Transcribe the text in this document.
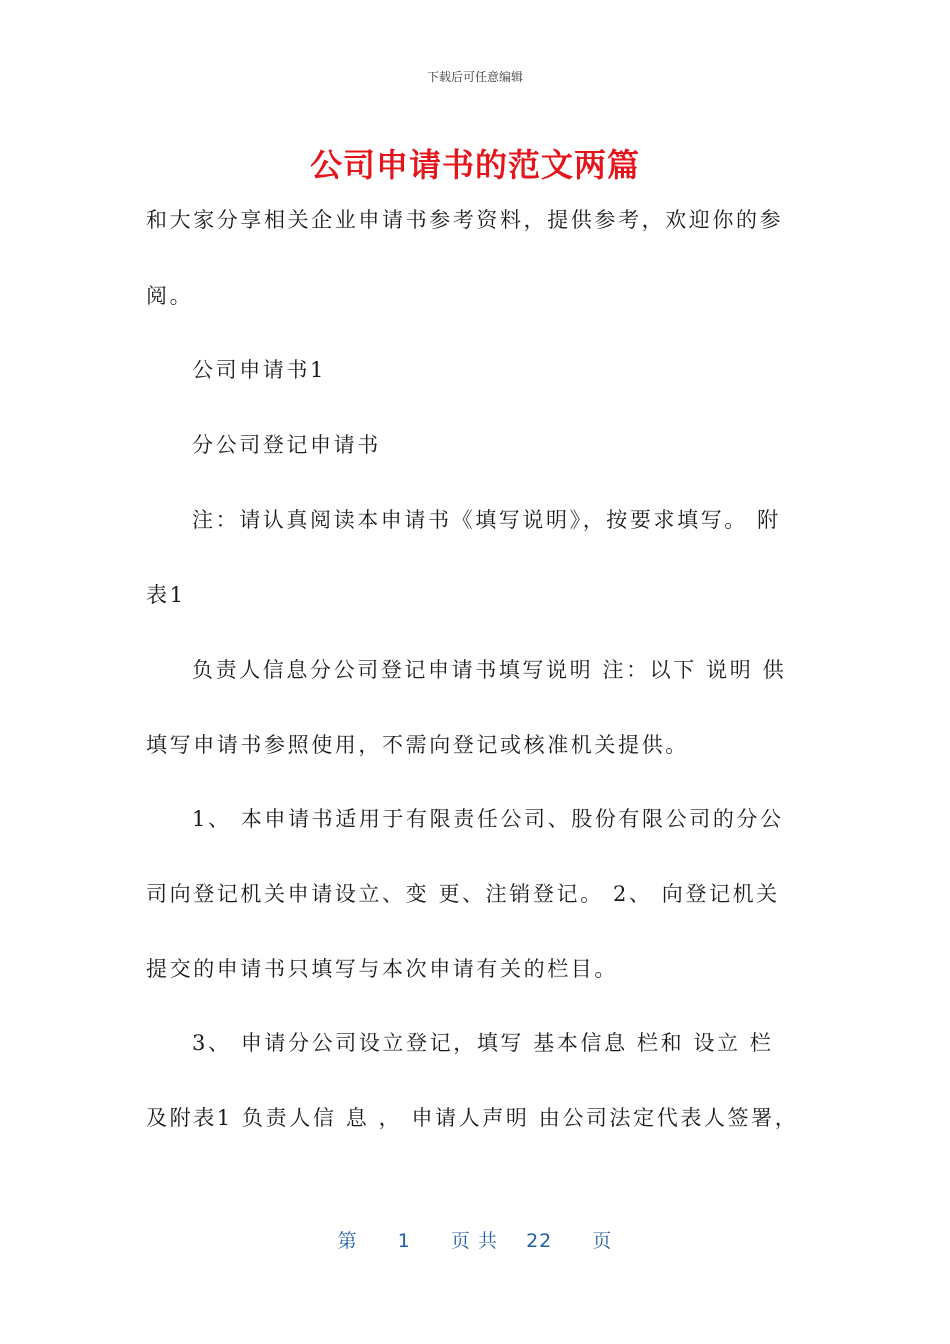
下载后可任意编辑
公司申请书的范文两篇
和大家分享相关企业申请书参考资料，提供参考，欢迎你的参
阅。
公司申请书1
分公司登记申请书
注：请认真阅读本申请书《填写说明》，按要求填写。 附
表1
负责人信息分公司登记申请书填写说明 注：以下 说明 供
填写申请书参照使用，不需向登记或核准机关提供。
1、 本申请书适用于有限责任公司、股份有限公司的分公
司向登记机关申请设立、变 更、注销登记。 2、 向登记机关
提交的申请书只填写与本次申请有关的栏目。
3、 申请分公司设立登记，填写 基本信息 栏和 设立 栏
及附表1 负责人信 息 ， 申请人声明 由公司法定代表人签署，
第 1 页 共 22 页
